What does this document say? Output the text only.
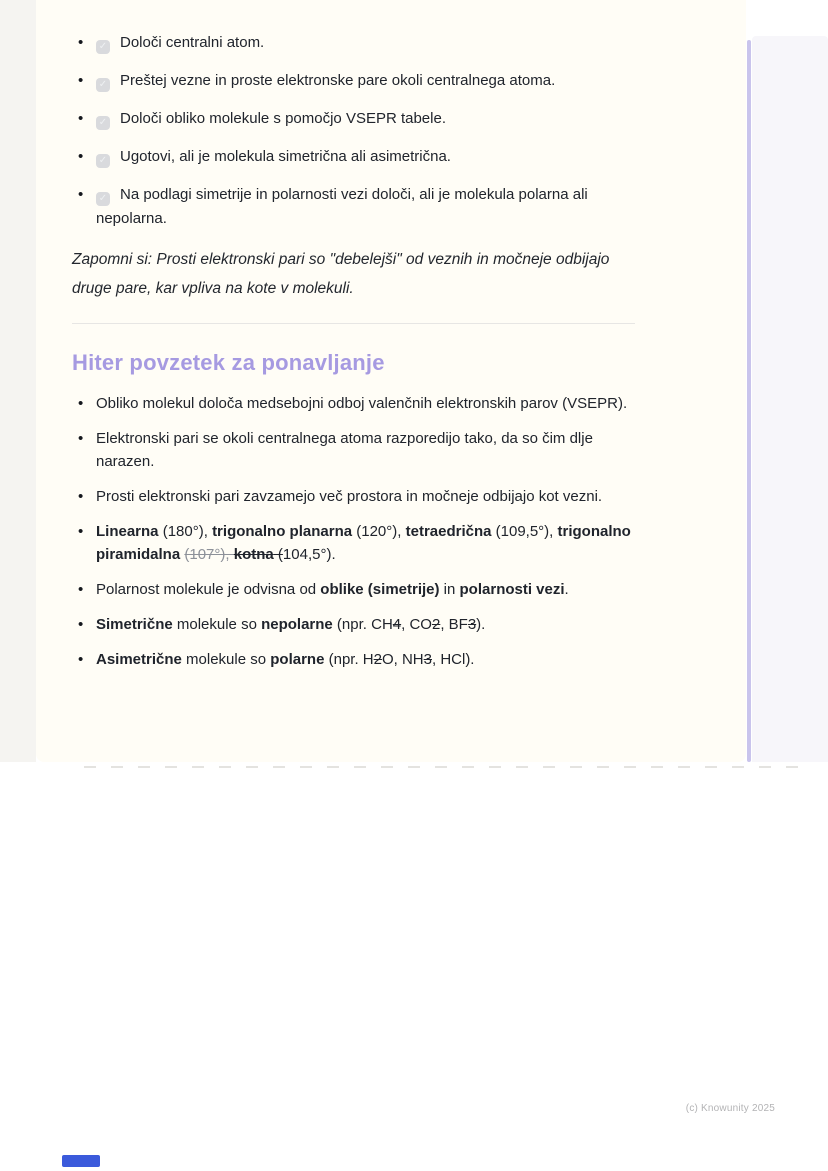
• ✓ Določi centralni atom.
• ✓ Preštej vezne in proste elektronske pare okoli centralnega atoma.
• ✓ Določi obliko molekule s pomočjo VSEPR tabele.
• ✓ Ugotovi, ali je molekula simetrična ali asimetrična.
• ✓ Na podlagi simetrije in polarnosti vezi določi, ali je molekula polarna ali nepolarna.

Zapomni si: Prosti elektronski pari so "debelejši" od veznih in močneje odbijajo druge pare, kar vpliva na kote v molekuli.

Hiter povzetek za ponavljanje
• Obliko molekul določa medsebojni odboj valenčnih elektronskih parov (VSEPR).
• Elektronski pari se okoli centralnega atoma razporedijo tako, da so čim dlje narazen.
• Prosti elektronski pari zavzamejo več prostora in močneje odbijajo kot vezni.
• Linearna (180°), trigonalno planarna (120°), tetraedrična (109,5°), trigonalno piramidalna (107°), kotna (104,5°).
• Polarnost molekule je odvisna od oblike (simetrije) in polarnosti vezi.
• Simetrične molekule so nepolarne (npr. CH4, CO2, BF3).
• Asimetrične molekule so polarne (npr. H2O, NH3, HCl).
(c) Knowunity 2025
